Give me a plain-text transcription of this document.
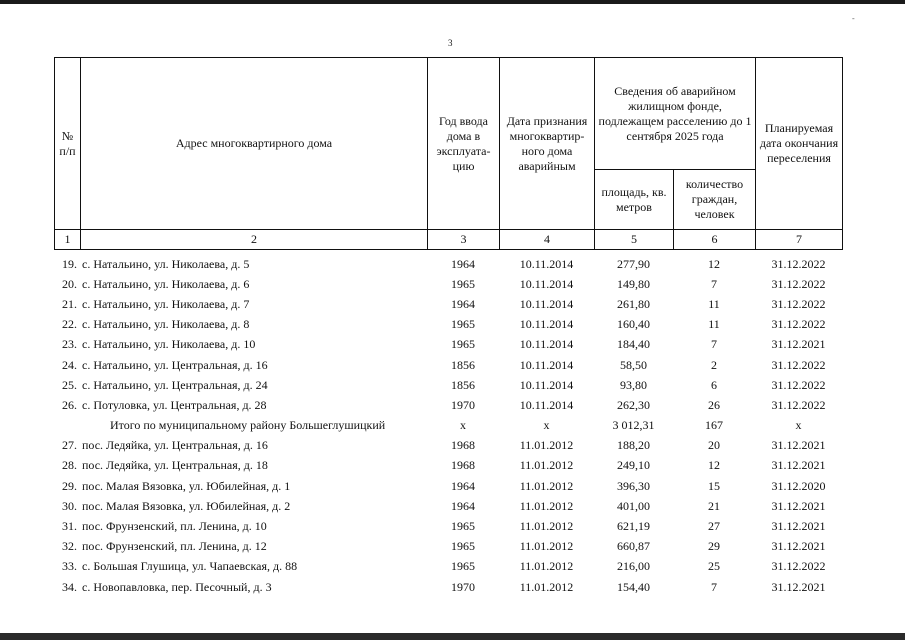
3
-
№ п/п	Адрес многоквартирного дома	Год ввода дома в эксплуата-цию	Дата признания многоквартир-ного дома аварийным	Сведения об аварийном жилищном фонде, подлежащем расселению до 1 сентября 2025 года		Планируемая дата окончания переселения
				площадь, кв. метров	количество граждан, человек	
1	2	3	4	5	6	7
19.	с. Натальино, ул. Николаева, д. 5	1964	10.11.2014	277,90	12	31.12.2022
20.	с. Натальино, ул. Николаева, д. 6	1965	10.11.2014	149,80	7	31.12.2022
21.	с. Натальино, ул. Николаева, д. 7	1964	10.11.2014	261,80	11	31.12.2022
22.	с. Натальино, ул. Николаева, д. 8	1965	10.11.2014	160,40	11	31.12.2022
23.	с. Натальино, ул. Николаева, д. 10	1965	10.11.2014	184,40	7	31.12.2021
24.	с. Натальино, ул. Центральная, д. 16	1856	10.11.2014	58,50	2	31.12.2022
25.	с. Натальино, ул. Центральная, д. 24	1856	10.11.2014	93,80	6	31.12.2022
26.	с. Потуловка, ул. Центральная, д. 28	1970	10.11.2014	262,30	26	31.12.2022
	Итого по муниципальному району Большеглушицкий	х	х	3 012,31	167	х
27.	пос. Ледяйка, ул. Центральная, д. 16	1968	11.01.2012	188,20	20	31.12.2021
28.	пос. Ледяйка, ул. Центральная, д. 18	1968	11.01.2012	249,10	12	31.12.2021
29.	пос. Малая Вязовка, ул. Юбилейная, д. 1	1964	11.01.2012	396,30	15	31.12.2020
30.	пос. Малая Вязовка, ул. Юбилейная, д. 2	1964	11.01.2012	401,00	21	31.12.2021
31.	пос. Фрунзенский, пл. Ленина, д. 10	1965	11.01.2012	621,19	27	31.12.2021
32.	пос. Фрунзенский, пл. Ленина, д. 12	1965	11.01.2012	660,87	29	31.12.2021
33.	с. Большая Глушица, ул. Чапаевская, д. 88	1965	11.01.2012	216,00	25	31.12.2022
34.	с. Новопавловка, пер. Песочный, д. 3	1970	11.01.2012	154,40	7	31.12.2021
